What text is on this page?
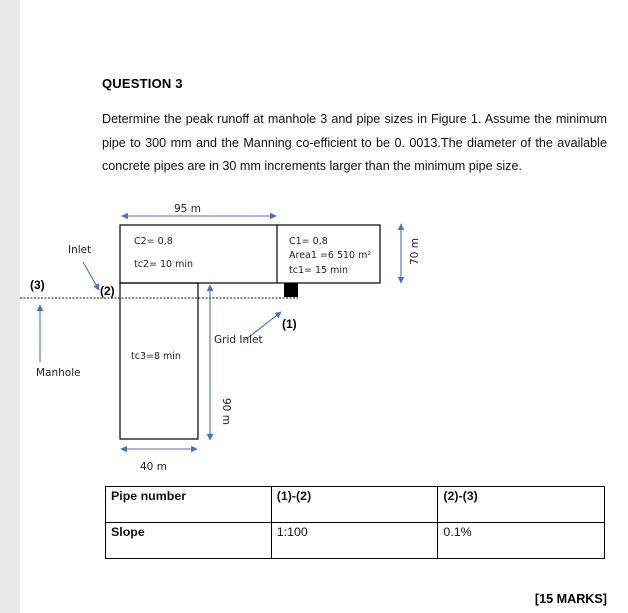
QUESTION 3
Determine the peak runoff at manhole 3 and pipe sizes in Figure 1. Assume the minimum pipe to 300 mm and the Manning co-efficient to be 0. 0013.The diameter of the available concrete pipes are in 30 mm increments larger than the minimum pipe size.
95 m
70 m
90 m
40 m
C2= 0,8
tc2= 10 min
C1= 0,8
Area1 =6 510 m²
tc1= 15 min
tc3=8 min
Inlet
Manhole
Grid Inlet
(3)	(2)
(1)
Pipe number	(1)-(2)	(2)-(3)
Slope	1:100	0.1%
[15 MARKS]
